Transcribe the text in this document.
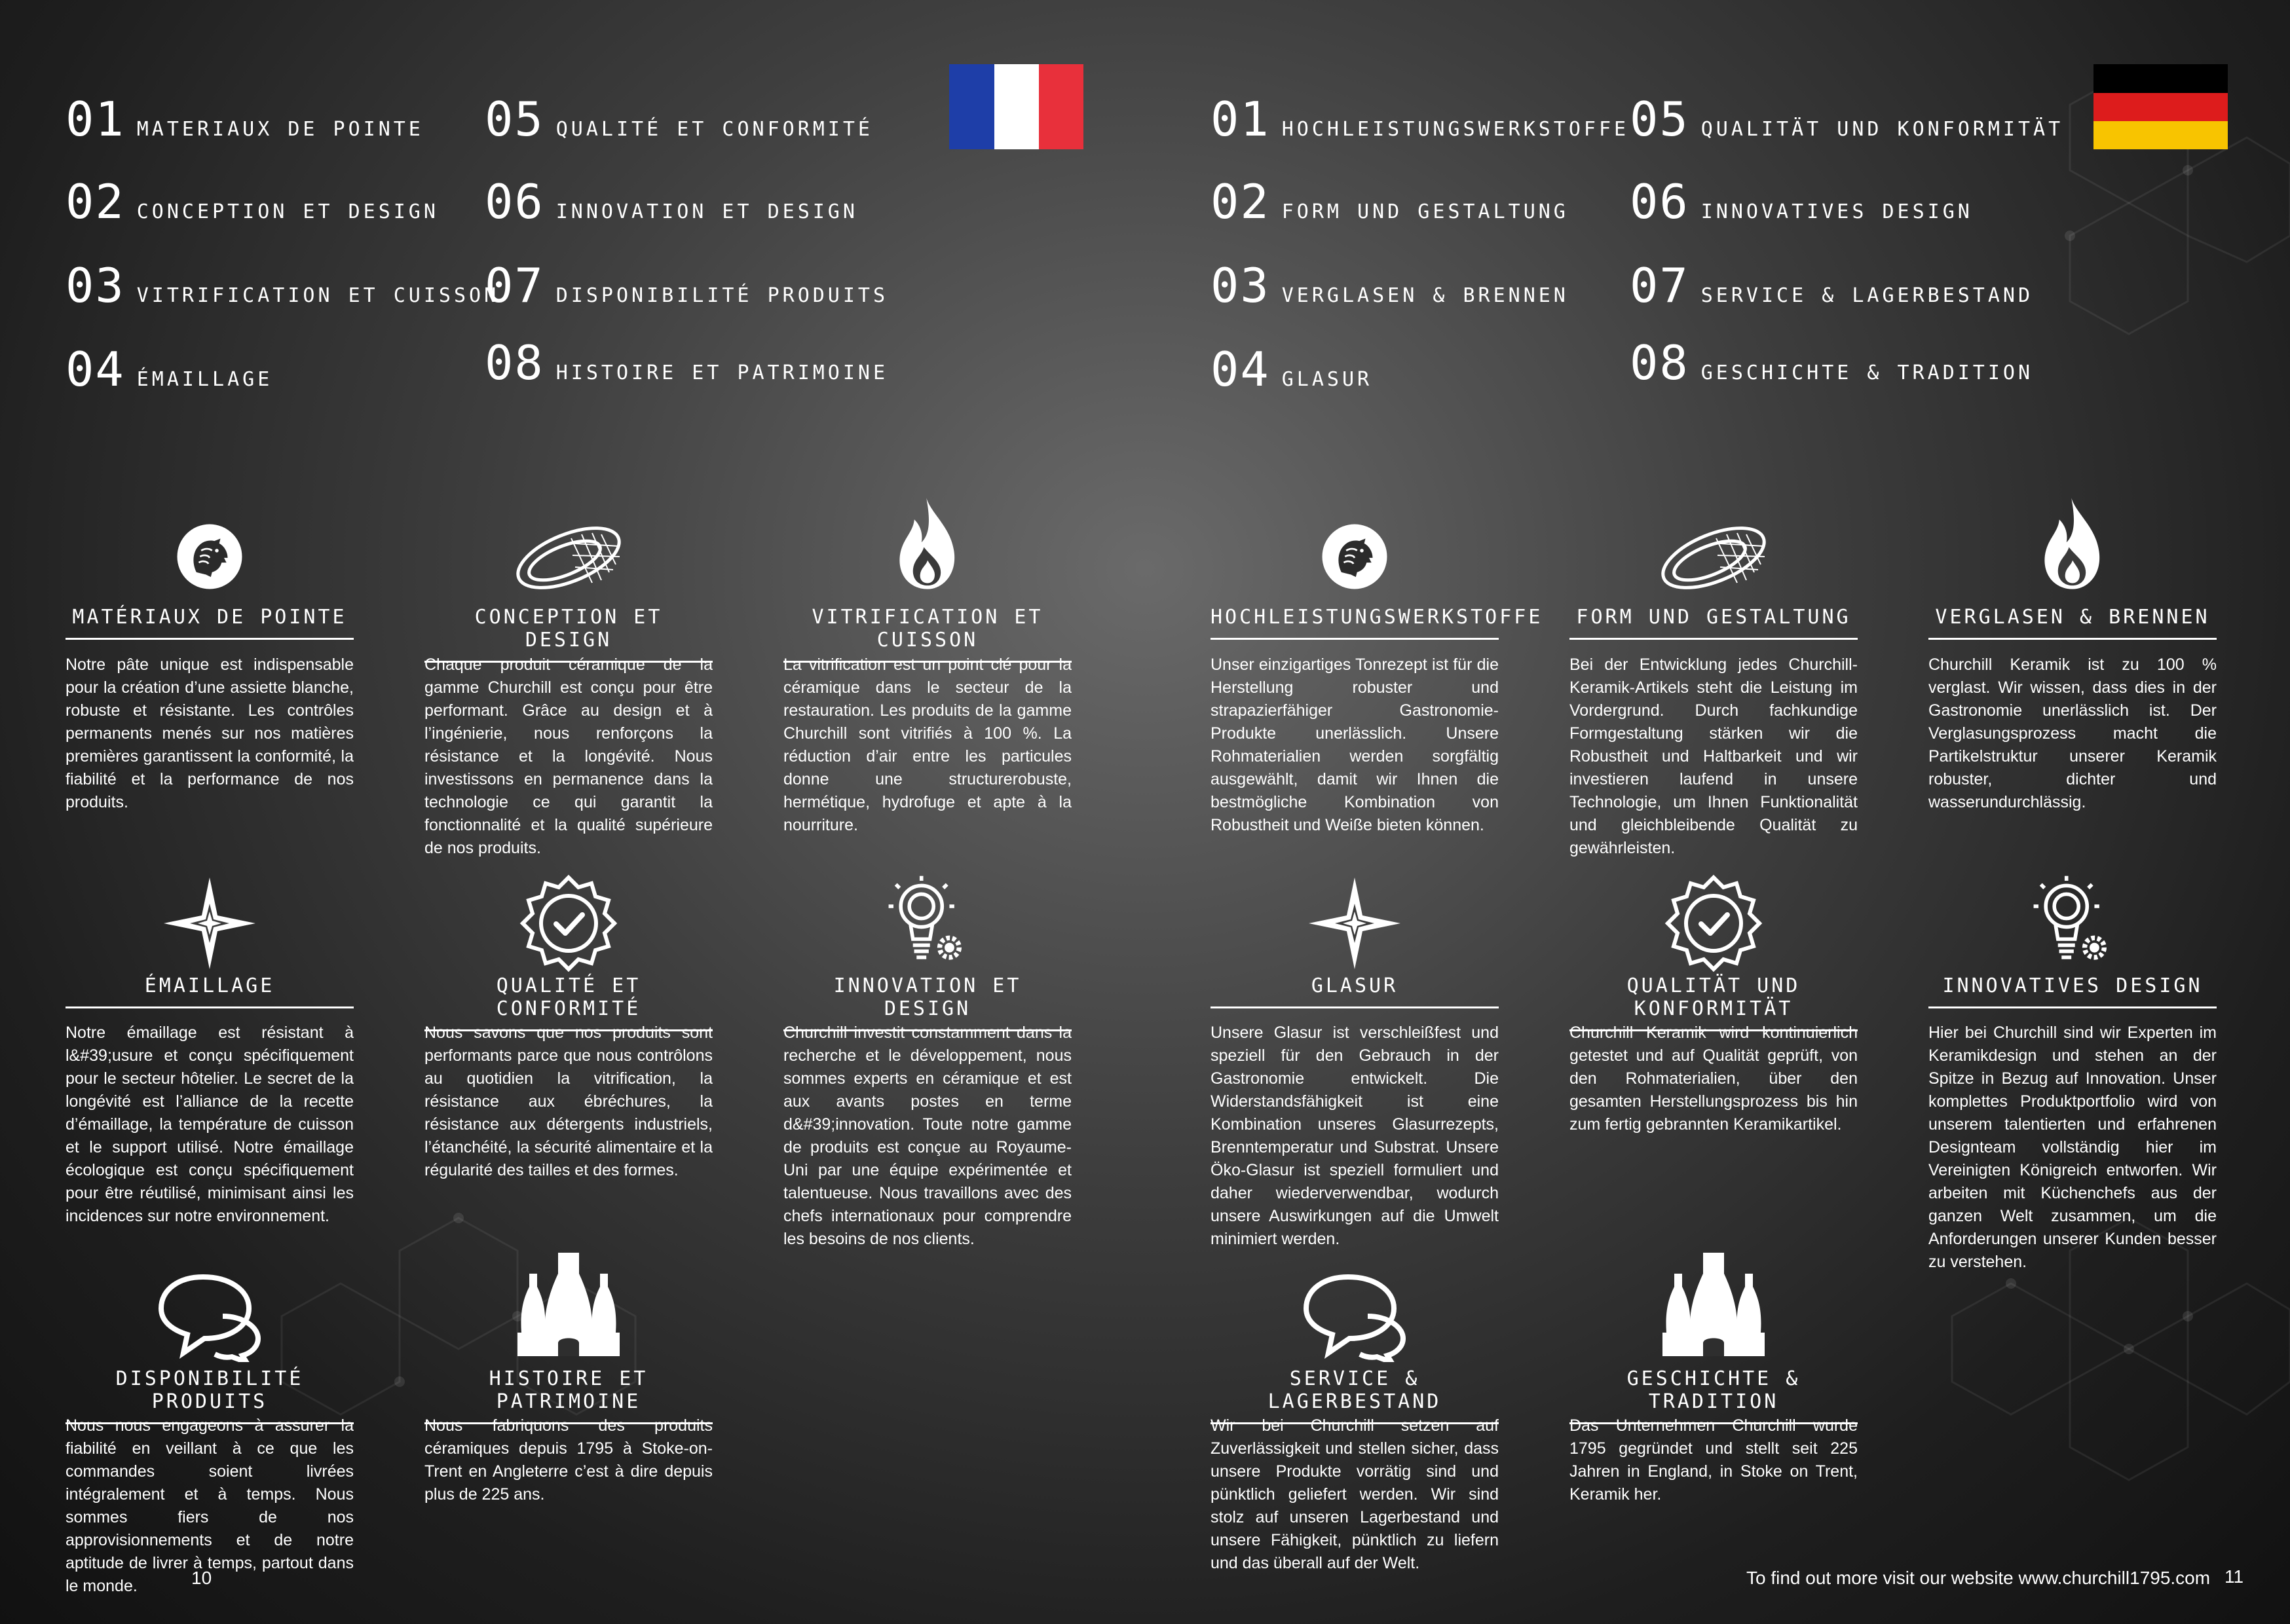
01 MATERIAUX DE POINTE
02 CONCEPTION ET DESIGN
03 VITRIFICATION ET CUISSON
04 ÉMAILLAGE
05 QUALITÉ ET CONFORMITÉ
06 INNOVATION ET DESIGN
07 DISPONIBILITÉ PRODUITS
08 HISTOIRE ET PATRIMOINE
01 HOCHLEISTUNGSWERKSTOFFE
02 FORM UND GESTALTUNG
03 VERGLASEN & BRENNEN
04 GLASUR
05 QUALITÄT UND KONFORMITÄT
06 INNOVATIVES DESIGN
07 SERVICE & LAGERBESTAND
08 GESCHICHTE & TRADITION
MATÉRIAUX DE POINTE

Notre pâte unique est indispensable pour la création d’une assiette blanche, robuste et résistante. Les contrôles permanents menés sur nos matières premières garantissent la conformité, la fiabilité et la performance de nos produits.

CONCEPTION ET DESIGN

Chaque produit céramique de la gamme Churchill est conçu pour être performant. Grâce au design et à l’ingénierie, nous renforçons la résistance et la longévité. Nous investissons en permanence dans la technologie ce qui garantit la fonctionnalité et la qualité supérieure de nos produits.

VITRIFICATION ET CUISSON

La vitrification est un point clé pour la céramique dans le secteur de la restauration. Les produits de la gamme Churchill sont vitrifiés à 100 %. La réduction d’air entre les particules donne une structurerobuste, hermétique, hydrofuge et apte à la nourriture.

ÉMAILLAGE

Notre émaillage est résistant à l&#39;usure et conçu spécifiquement pour le secteur hôtelier. Le secret de la longévité est l’alliance de la recette d’émaillage, la température de cuisson et le support utilisé. Notre émaillage écologique est conçu spécifiquement pour être réutilisé, minimisant ainsi les incidences sur notre environnement.

QUALITÉ ET CONFORMITÉ

Nous savons que nos produits sont performants parce que nous contrôlons au quotidien la vitrification, la résistance aux ébréchures, la résistance aux détergents industriels, l’étanchéité, la sécurité alimentaire et la régularité des tailles et des formes.

INNOVATION ET DESIGN

Churchill investit constamment dans la recherche et le développement, nous sommes experts en céramique et est aux avants postes en terme d&#39;innovation. Toute notre gamme de produits est conçue au Royaume-Uni par une équipe expérimentée et talentueuse. Nous travaillons avec des chefs internationaux pour comprendre les besoins de nos clients.

DISPONIBILITÉ PRODUITS

Nous nous engageons à assurer la fiabilité en veillant à ce que les commandes soient livrées intégralement et à temps. Nous sommes fiers de nos approvisionnements et de notre aptitude de livrer à temps, partout dans le monde.

HISTOIRE ET PATRIMOINE

Nous fabriquons des produits céramiques depuis 1795 à Stoke-on-Trent en Angleterre c’est à dire depuis plus de 225 ans.

HOCHLEISTUNGSWERKSTOFFE

Unser einzigartiges Tonrezept ist für die Herstellung robuster und strapazierfähiger Gastronomie-Produkte unerlässlich. Unsere Rohmaterialien werden sorgfältig ausgewählt, damit wir Ihnen die bestmögliche Kombination von Robustheit und Weiße bieten können.

FORM UND GESTALTUNG

Bei der Entwicklung jedes Churchill-Keramik-Artikels steht die Leistung im Vordergrund. Durch fachkundige Formgestaltung stärken wir die Robustheit und Haltbarkeit und wir investieren laufend in unsere Technologie, um Ihnen Funktionalität und gleichbleibende Qualität zu gewährleisten.

VERGLASEN & BRENNEN

Churchill Keramik ist zu 100 % verglast. Wir wissen, dass dies in der Gastronomie unerlässlich ist. Der Verglasungsprozess macht die Partikelstruktur unserer Keramik robuster, dichter und wasserundurchlässig.

GLASUR

Unsere Glasur ist verschleißfest und speziell für den Gebrauch in der Gastronomie entwickelt. Die Widerstandsfähigkeit ist eine Kombination unseres Glasurrezepts, Brenntemperatur und Substrat. Unsere Öko-Glasur ist speziell formuliert und daher wiederverwendbar, wodurch unsere Auswirkungen auf die Umwelt minimiert werden.

QUALITÄT UND KONFORMITÄT

Churchill Keramik wird kontinuierlich getestet und auf Qualität geprüft, von den Rohmaterialien, über den gesamten Herstellungsprozess bis hin zum fertig gebrannten Keramikartikel.

INNOVATIVES DESIGN

Hier bei Churchill sind wir Experten im Keramikdesign und stehen an der Spitze in Bezug auf Innovation. Unser komplettes Produktportfolio wird von unserem talentierten und erfahrenen Designteam vollständig hier im Vereinigten Königreich entworfen. Wir arbeiten mit Küchenchefs aus der ganzen Welt zusammen, um die Anforderungen unserer Kunden besser zu verstehen.

SERVICE & LAGERBESTAND

Wir bei Churchill setzen auf Zuverlässigkeit und stellen sicher, dass unsere Produkte vorrätig sind und pünktlich geliefert werden. Wir sind stolz auf unseren Lagerbestand und unsere Fähigkeit, pünktlich zu liefern und das überall auf der Welt.

GESCHICHTE & TRADITION

Das Unternehmen Churchill wurde 1795 gegründet und stellt seit 225 Jahren in England, in Stoke on Trent, Keramik her.

10	To find out more visit our website www.churchill1795.com 11
